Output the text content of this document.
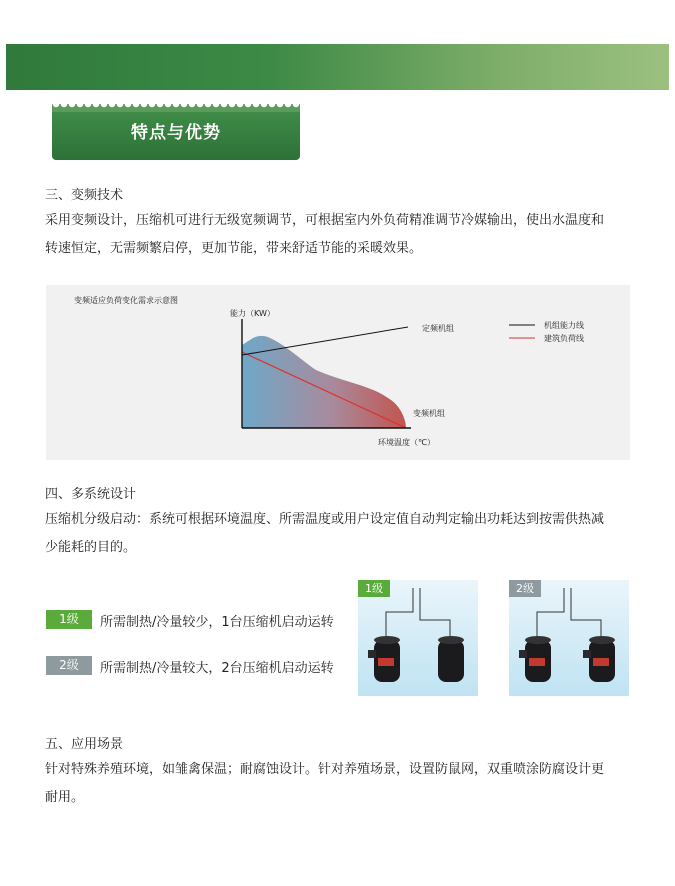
特点与优势
三、变频技术
采用变频设计，压缩机可进行无级宽频调节，可根据室内外负荷精准调节冷媒输出，使出水温度和
转速恒定，无需频繁启停，更加节能，带来舒适节能的采暖效果。
变频适应负荷变化需求示意图
能力（KW）
定频机组
变频机组
环境温度（℃）
机组能力线
建筑负荷线
四、多系统设计
压缩机分级启动：系统可根据环境温度、所需温度或用户设定值自动判定输出功耗达到按需供热减
少能耗的目的。
1级	所需制热/冷量较少，1台压缩机启动运转
2级	所需制热/冷量较大，2台压缩机启动运转
1级	2级
五、应用场景
针对特殊养殖环境，如雏禽保温；耐腐蚀设计。针对养殖场景，设置防鼠网，双重喷涂防腐设计更
耐用。
